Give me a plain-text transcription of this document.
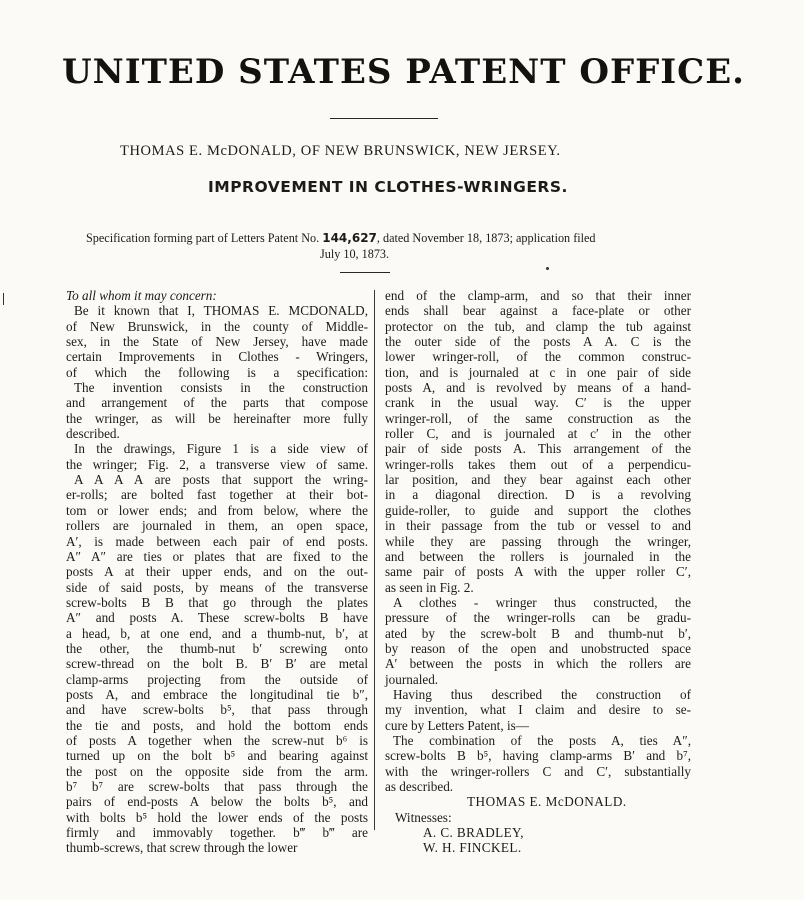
UNITED STATES PATENT OFFICE.
THOMAS E. McDONALD, OF NEW BRUNSWICK, NEW JERSEY.
IMPROVEMENT IN CLOTHES-WRINGERS.
Specification forming part of Letters Patent No. 144,627, dated November 18, 1873; application filed
July 10, 1873.
To all whom it may concern:
Be it known that I, THOMAS E. MCDONALD,
of New Brunswick, in the county of Middle-
sex, in the State of New Jersey, have made
certain Improvements in Clothes - Wringers,
of which the following is a specification:
The invention consists in the construction
and arrangement of the parts that compose
the wringer, as will be hereinafter more fully
described.
In the drawings, Figure 1 is a side view of
the wringer; Fig. 2, a transverse view of same.
A A A A are posts that support the wring-
er-rolls; are bolted fast together at their bot-
tom or lower ends; and from below, where the
rollers are journaled in them, an open space,
A′, is made between each pair of end posts.
A″ A″ are ties or plates that are fixed to the
posts A at their upper ends, and on the out-
side of said posts, by means of the transverse
screw-bolts B B that go through the plates
A″ and posts A. These screw-bolts B have
a head, b, at one end, and a thumb-nut, b′, at
the other, the thumb-nut b′ screwing onto
screw-thread on the bolt B. B′ B′ are metal
clamp-arms projecting from the outside of
posts A, and embrace the longitudinal tie b″,
and have screw-bolts b⁵, that pass through
the tie and posts, and hold the bottom ends
of posts A together when the screw-nut b⁶ is
turned up on the bolt b⁵ and bearing against
the post on the opposite side from the arm.
b⁷ b⁷ are screw-bolts that pass through the
pairs of end-posts A below the bolts b⁵, and
with bolts b⁵ hold the lower ends of the posts
firmly and immovably together. b‴ b‴ are
thumb-screws, that screw through the lower
end of the clamp-arm, and so that their inner
ends shall bear against a face-plate or other
protector on the tub, and clamp the tub against
the outer side of the posts A A. C is the
lower wringer-roll, of the common construc-
tion, and is journaled at c in one pair of side
posts A, and is revolved by means of a hand-
crank in the usual way. C′ is the upper
wringer-roll, of the same construction as the
roller C, and is journaled at c′ in the other
pair of side posts A. This arrangement of the
wringer-rolls takes them out of a perpendicu-
lar position, and they bear against each other
in a diagonal direction. D is a revolving
guide-roller, to guide and support the clothes
in their passage from the tub or vessel to and
while they are passing through the wringer,
and between the rollers is journaled in the
same pair of posts A with the upper roller C′,
as seen in Fig. 2.
A clothes - wringer thus constructed, the
pressure of the wringer-rolls can be gradu-
ated by the screw-bolt B and thumb-nut b′,
by reason of the open and unobstructed space
A′ between the posts in which the rollers are
journaled.
Having thus described the construction of
my invention, what I claim and desire to se-
cure by Letters Patent, is—
The combination of the posts A, ties A″,
screw-bolts B b⁵, having clamp-arms B′ and b⁷,
with the wringer-rollers C and C′, substantially
as described.
THOMAS E. McDONALD.
Witnesses:
A. C. BRADLEY,
W. H. FINCKEL.
